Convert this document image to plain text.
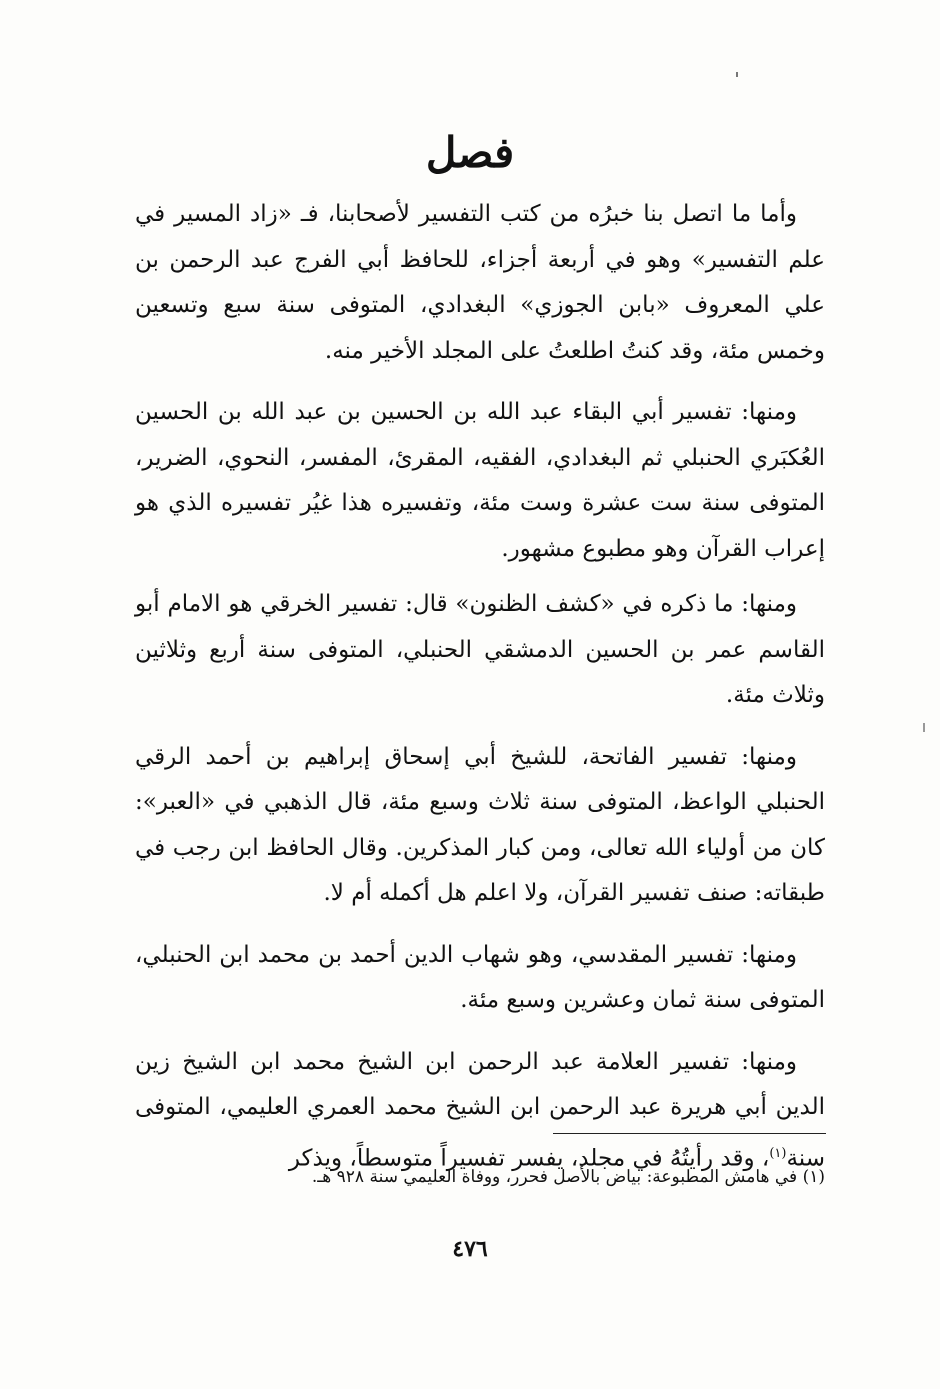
فصل

وأما ما اتصل بنا خبرُه من كتب التفسير لأصحابنا، فـ «زاد المسير في علم التفسير» وهو في أربعة أجزاء، للحافظ أبي الفرج عبد الرحمن بن علي المعروف «بابن الجوزي» البغدادي، المتوفى سنة سبع وتسعين وخمس مئة، وقد كنتُ اطلعتُ على المجلد الأخير منه.

ومنها: تفسير أبي البقاء عبد الله بن الحسين بن عبد الله بن الحسين العُكبَري الحنبلي ثم البغدادي، الفقيه، المقرئ، المفسر، النحوي، الضرير، المتوفى سنة ست عشرة وست مئة، وتفسيره هذا غيُر تفسيره الذي هو إعراب القرآن وهو مطبوع مشهور.

ومنها: ما ذكره في «كشف الظنون» قال: تفسير الخرقي هو الامام أبو القاسم عمر بن الحسين الدمشقي الحنبلي، المتوفى سنة أربع وثلاثين وثلاث مئة.

ومنها: تفسير الفاتحة، للشيخ أبي إسحاق إبراهيم بن أحمد الرقي الحنبلي الواعظ، المتوفى سنة ثلاث وسبع مئة، قال الذهبي في «العبر»: كان من أولياء الله تعالى، ومن كبار المذكرين. وقال الحافظ ابن رجب في طبقاته: صنف تفسير القرآن، ولا اعلم هل أكمله أم لا.

ومنها: تفسير المقدسي، وهو شهاب الدين أحمد بن محمد ابن الحنبلي، المتوفى سنة ثمان وعشرين وسبع مئة.

ومنها: تفسير العلامة عبد الرحمن ابن الشيخ محمد ابن الشيخ زين الدين أبي هريرة عبد الرحمن ابن الشيخ محمد العمري العليمي، المتوفى سنة$^{(١)}$، وقد رأيتُهُ في مجلد، يفسر تفسيراً متوسطاً، ويذكر

(١) في هامش المطبوعة: بياض بالأصل فحرر، ووفاة العليمي سنة ٩٢٨ هـ.
٤٧٦
